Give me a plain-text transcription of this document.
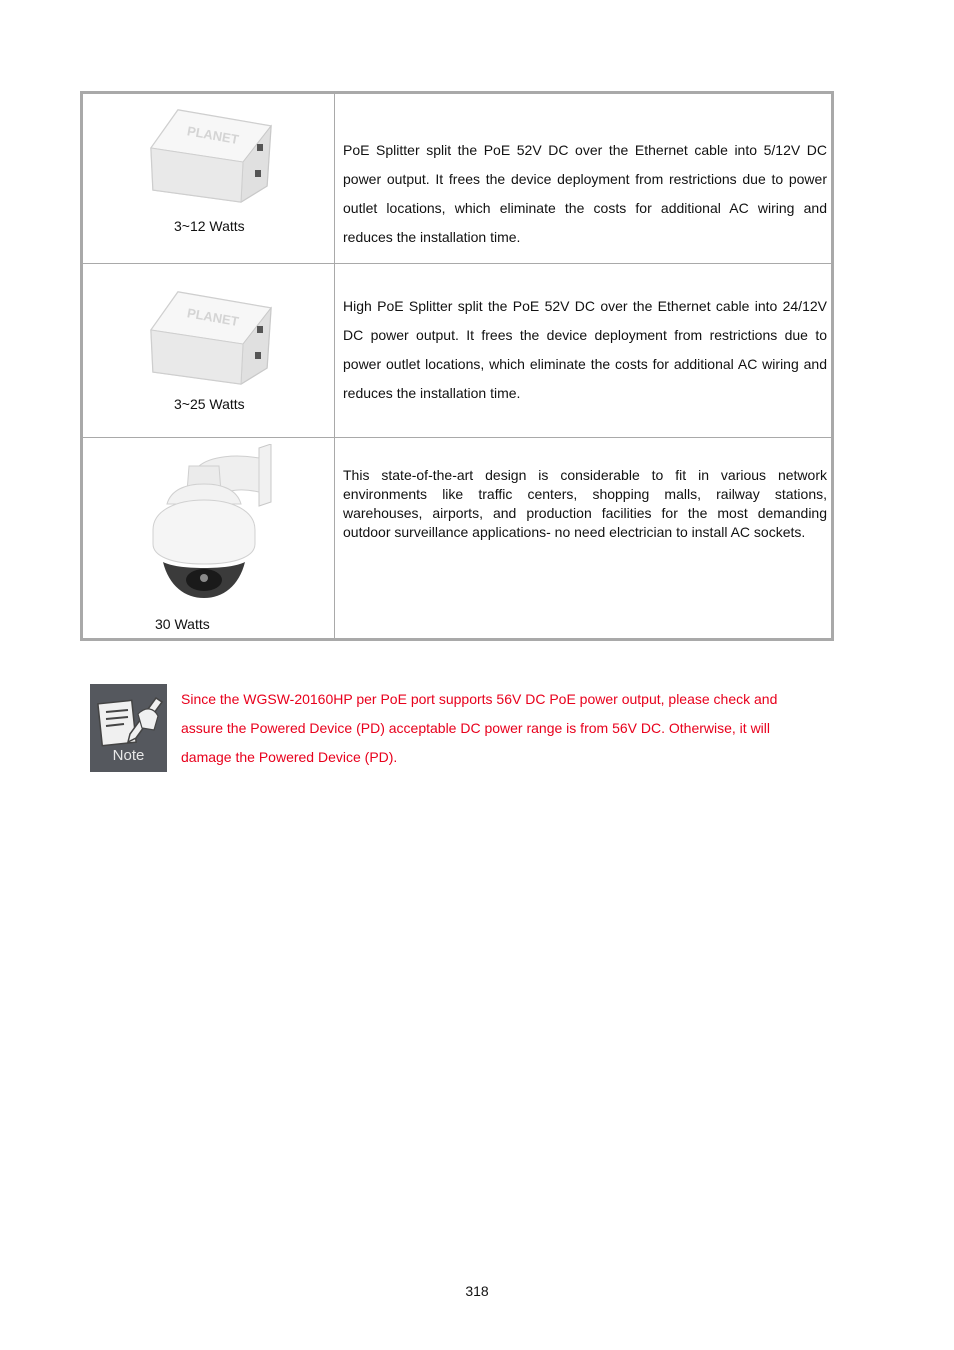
PLANET
3~12 Watts
PoE Splitter split the PoE 52V DC over the Ethernet cable into 5/12V DC power output. It frees the device deployment from restrictions due to power outlet locations, which eliminate the costs for additional AC wiring and reduces the installation time.
PLANET
3~25 Watts
High PoE Splitter split the PoE 52V DC over the Ethernet cable into 24/12V DC power output. It frees the device deployment from restrictions due to power outlet locations, which eliminate the costs for additional AC wiring and reduces the installation time.
30 Watts
This state-of-the-art design is considerable to fit in various network environments like traffic centers, shopping malls, railway stations, warehouses, airports, and production facilities for the most demanding outdoor surveillance applications- no need electrician to install AC sockets.
Note
Since the WGSW-20160HP per PoE port supports 56V DC PoE power output, please check and assure the Powered Device (PD) acceptable DC power range is from 56V DC. Otherwise, it will damage the Powered Device (PD).
318
